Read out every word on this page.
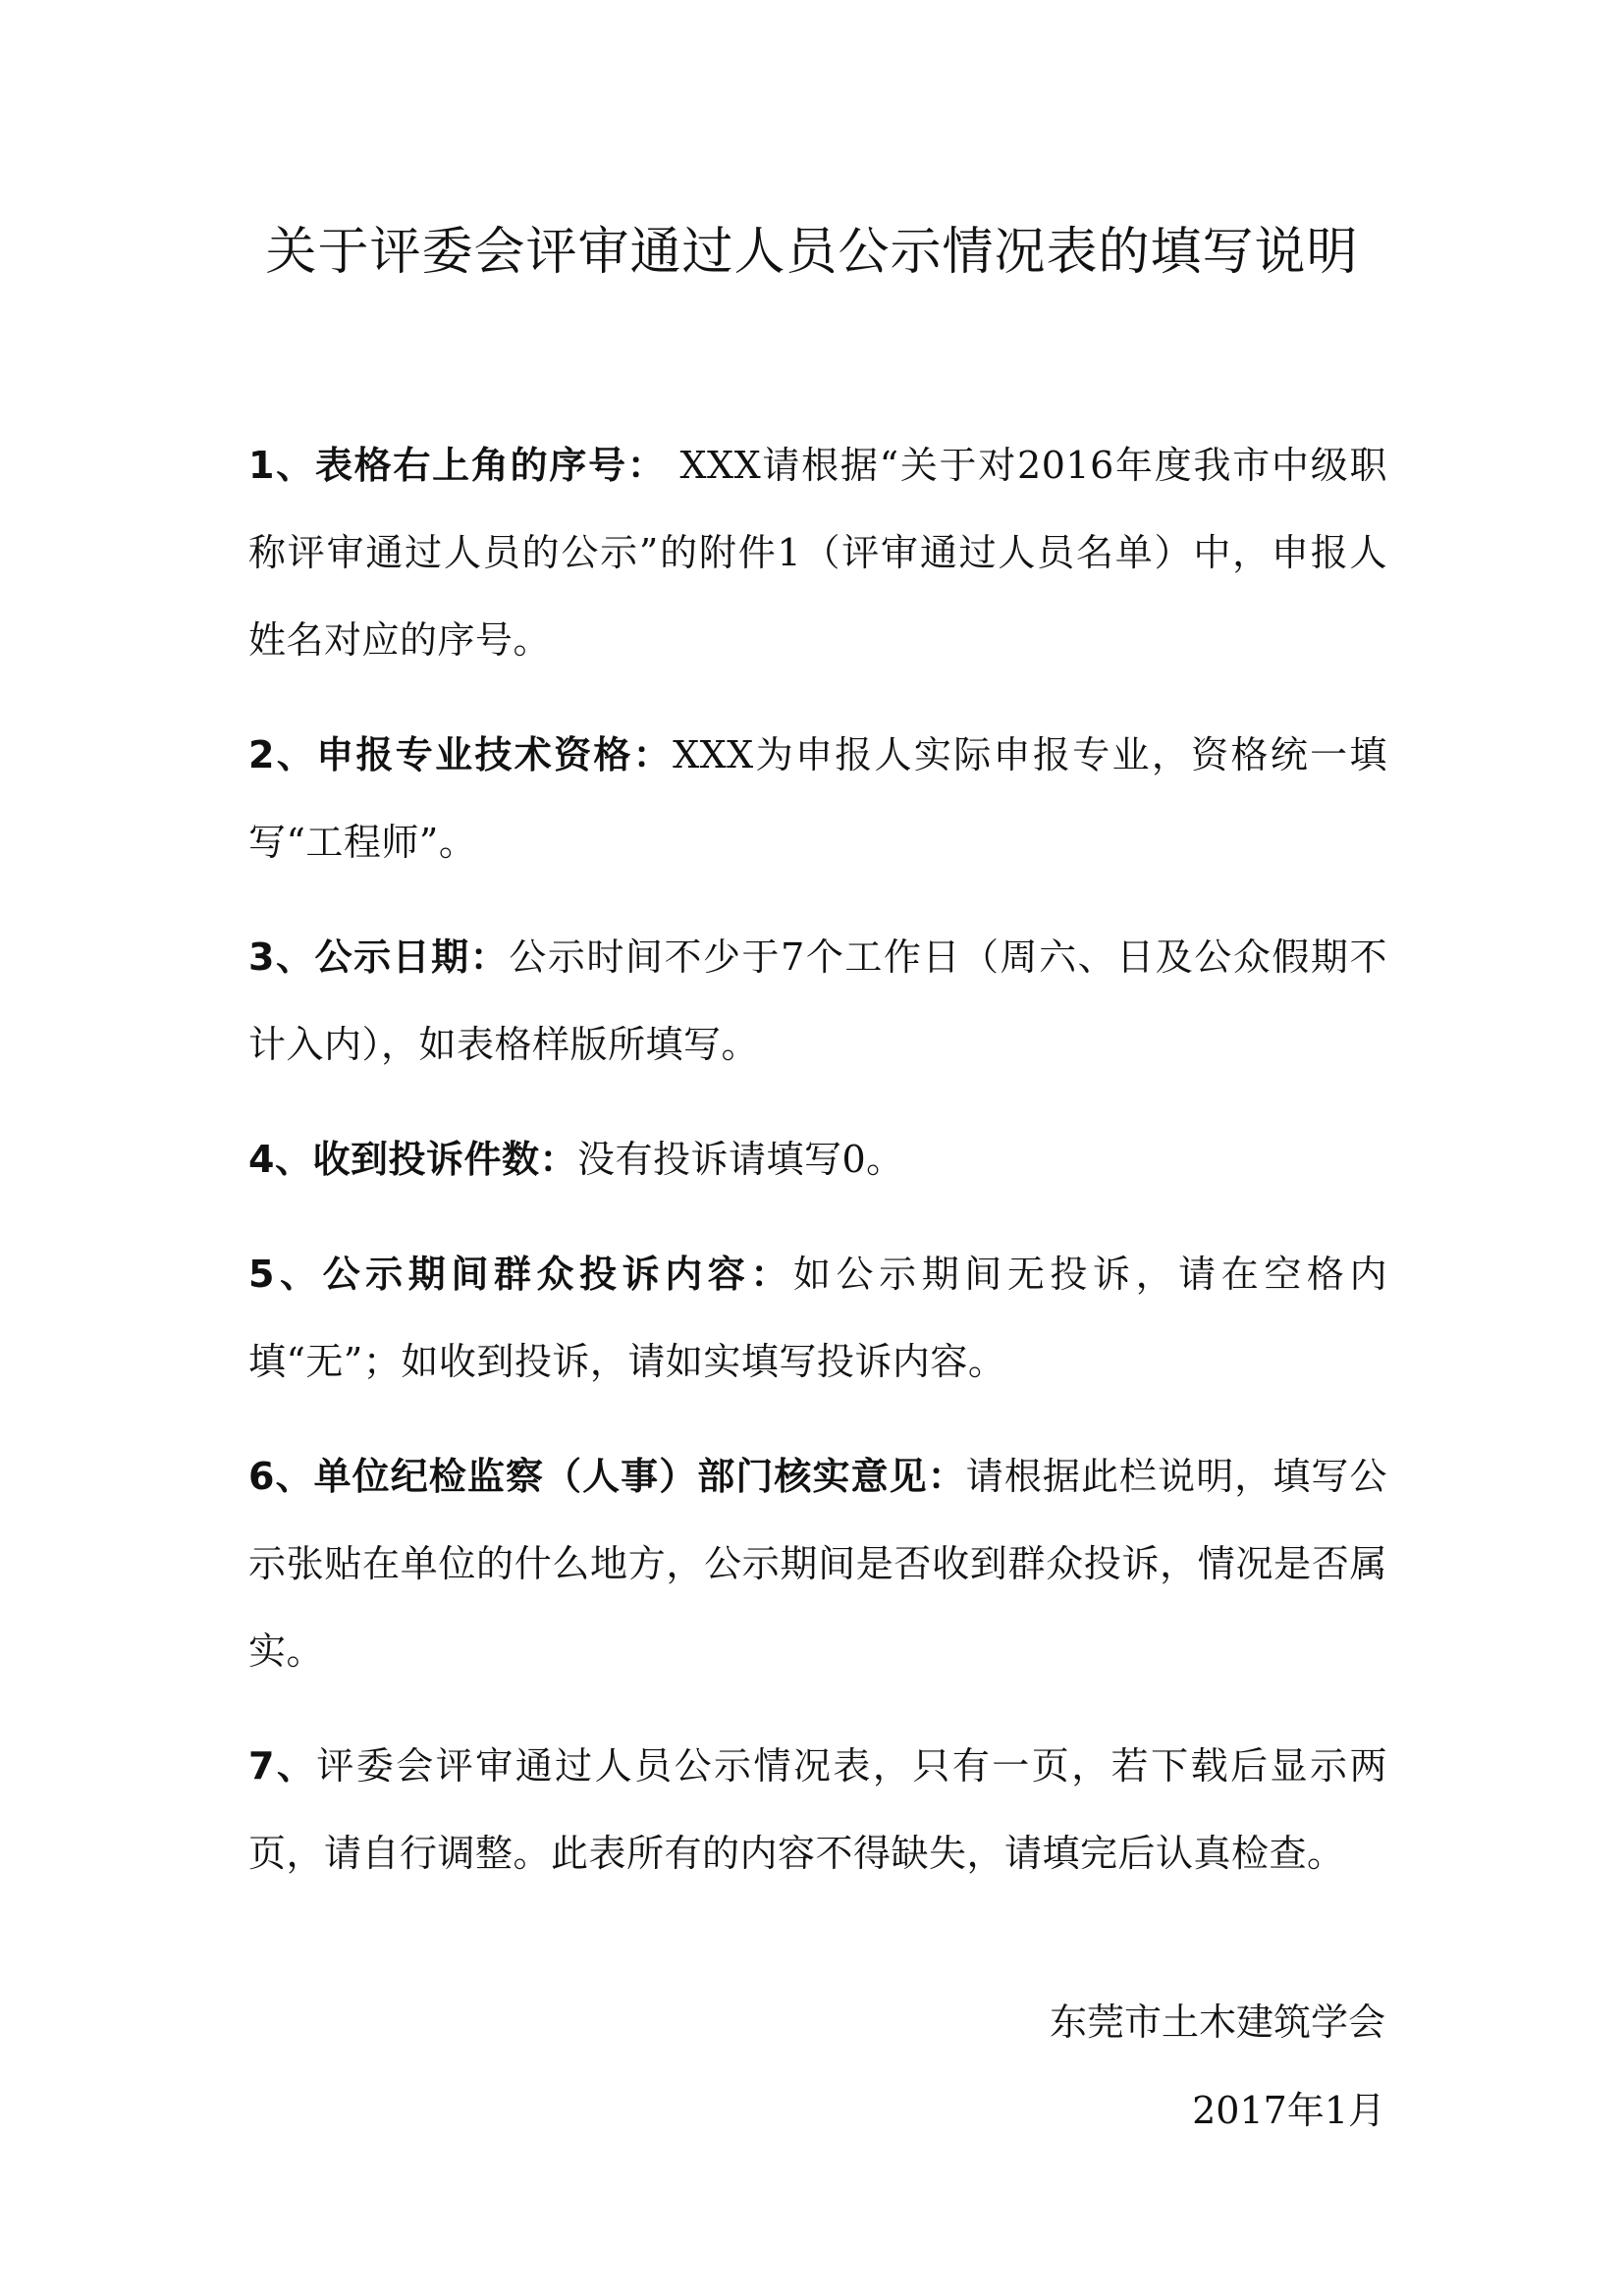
关于评委会评审通过人员公示情况表的填写说明

1、表格右上角的序号： XXX请根据“关于对2016年度我市中级职称评审通过人员的公示”的附件1（评审通过人员名单）中，申报人姓名对应的序号。

2、申报专业技术资格：XXX为申报人实际申报专业，资格统一填写“工程师”。

3、公示日期：公示时间不少于7个工作日（周六、日及公众假期不计入内），如表格样版所填写。

4、收到投诉件数：没有投诉请填写0。

5、公示期间群众投诉内容：如公示期间无投诉，请在空格内填“无”；如收到投诉，请如实填写投诉内容。

6、单位纪检监察（人事）部门核实意见：请根据此栏说明，填写公示张贴在单位的什么地方，公示期间是否收到群众投诉，情况是否属实。

7、评委会评审通过人员公示情况表，只有一页，若下载后显示两页，请自行调整。此表所有的内容不得缺失，请填完后认真检查。

东莞市土木建筑学会
2017年1月
